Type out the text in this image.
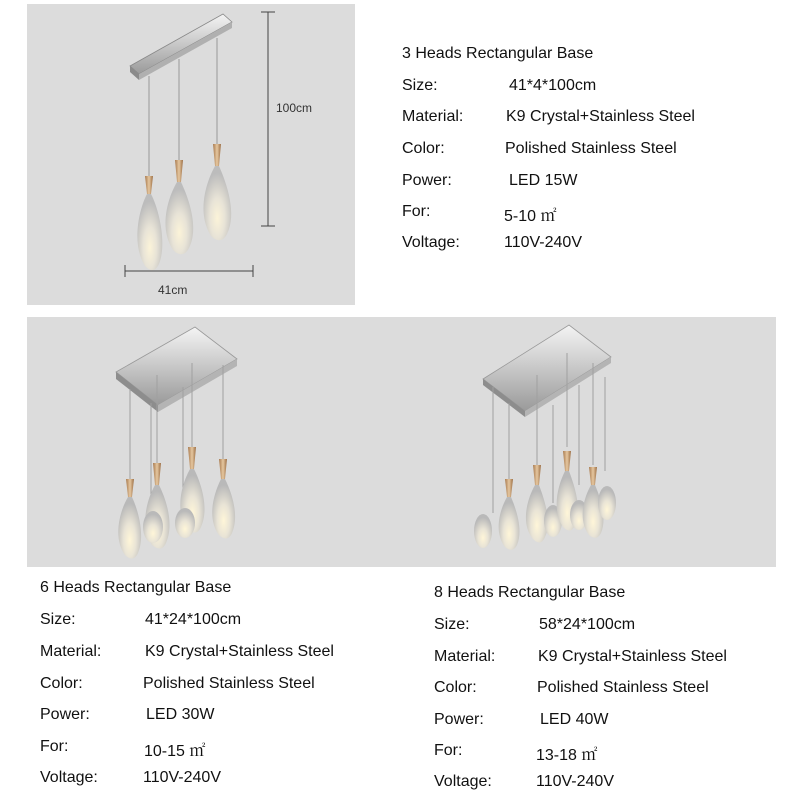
100cm
41cm
3 Heads Rectangular Base
Size:	41*4*100cm
Material:	K9 Crystal+Stainless Steel
Color:	Polished Stainless Steel
Power:	LED 15W
For:	5-10 ㎡
Voltage:	110V-240V
6 Heads Rectangular Base
Size:	41*24*100cm
Material:	K9 Crystal+Stainless Steel
Color:	Polished Stainless Steel
Power:	LED 30W
For:	10-15 ㎡
Voltage:	110V-240V
8 Heads Rectangular Base
Size:	58*24*100cm
Material:	K9 Crystal+Stainless Steel
Color:	Polished Stainless Steel
Power:	LED 40W
For:	13-18 ㎡
Voltage:	110V-240V
